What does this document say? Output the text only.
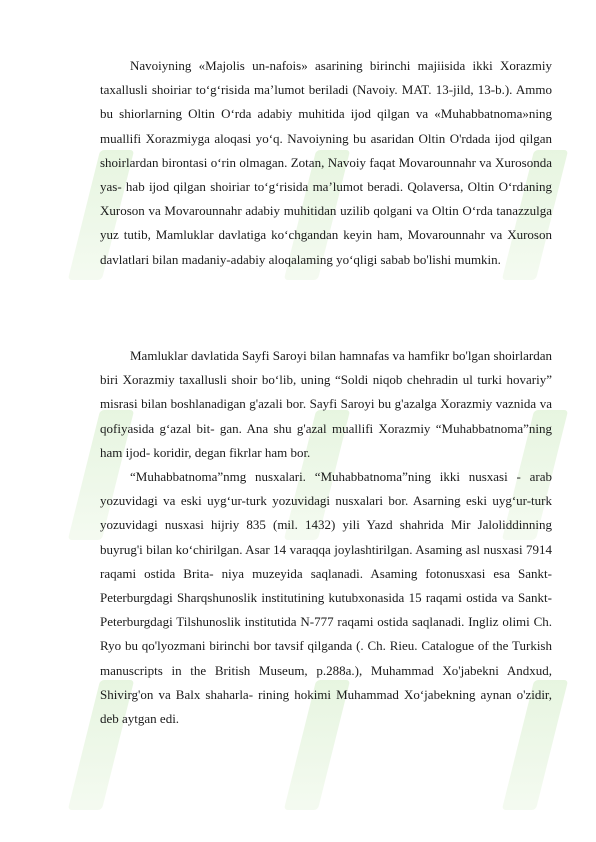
Navoiyning «Majolis un-nafois» asarining birinchi majiisida ikki Xorazmiy taxallusli shoiriar to‘g‘risida ma’lumot beriladi (Navoiy. MAT. 13-jild, 13-b.). Ammo bu shiorlarning Oltin O‘rda adabiy muhitida ijod qilgan va «Muhabbatnoma»ning muallifi Xorazmiyga aloqasi yo‘q. Navoiyning bu asaridan Oltin O'rdada ijod qilgan shoirlardan birontasi o‘rin olmagan. Zotan, Navoiy faqat Movarounnahr va Xurosonda yas- hab ijod qilgan shoiriar to‘g‘risida ma’lumot beradi. Qolaversa, Oltin O‘rdaning Xuroson va Movarounnahr adabiy muhitidan uzilib qolgani va Oltin O‘rda tanazzulga yuz tutib, Mamluklar davlatiga ko‘chgandan keyin ham, Movarounnahr va Xuroson davlatlari bilan madaniy-adabiy aloqalaming yo‘qligi sabab bo'lishi mumkin.

Mamluklar davlatida Sayfi Saroyi bilan hamnafas va hamfikr bo'lgan shoirlardan biri Xorazmiy taxallusli shoir bo‘lib, uning “Soldi niqob chehradin ul turki hovariy” misrasi bilan boshlanadigan g'azali bor. Sayfi Saroyi bu g'azalga Xorazmiy vaznida va qofiyasida g‘azal bit- gan. Ana shu g'azal muallifi Xorazmiy “Muhabbatnoma”ning ham ijod- koridir, degan fikrlar ham bor.

“Muhabbatnoma”nmg nusxalari. “Muhabbatnoma”ning ikki nusxasi - arab yozuvidagi va eski uyg‘ur-turk yozuvidagi nusxalari bor. Asarning eski uyg‘ur-turk yozuvidagi nusxasi hijriy 835 (mil. 1432) yili Yazd shahrida Mir Jaloliddinning buyrug'i bilan ko‘chirilgan. Asar 14 varaqqa joylashtirilgan. Asaming asl nusxasi 7914 raqami ostida Brita- niya muzeyida saqlanadi. Asaming fotonusxasi esa Sankt-Peterburgdagi Sharqshunoslik institutining kutubxonasida 15 raqami ostida va Sankt-Peterburgdagi Tilshunoslik institutida N-777 raqami ostida saqlanadi. Ingliz olimi Ch. Ryo bu qo'lyozmani birinchi bor tavsif qilganda (. Ch. Rieu. Catalogue of the Turkish manuscripts in the British Museum, p.288a.), Muhammad Xo'jabekni Andxud, Shivirg'on va Balx shaharla- rining hokimi Muhammad Xo‘jabekning aynan o'zidir, deb aytgan edi.
